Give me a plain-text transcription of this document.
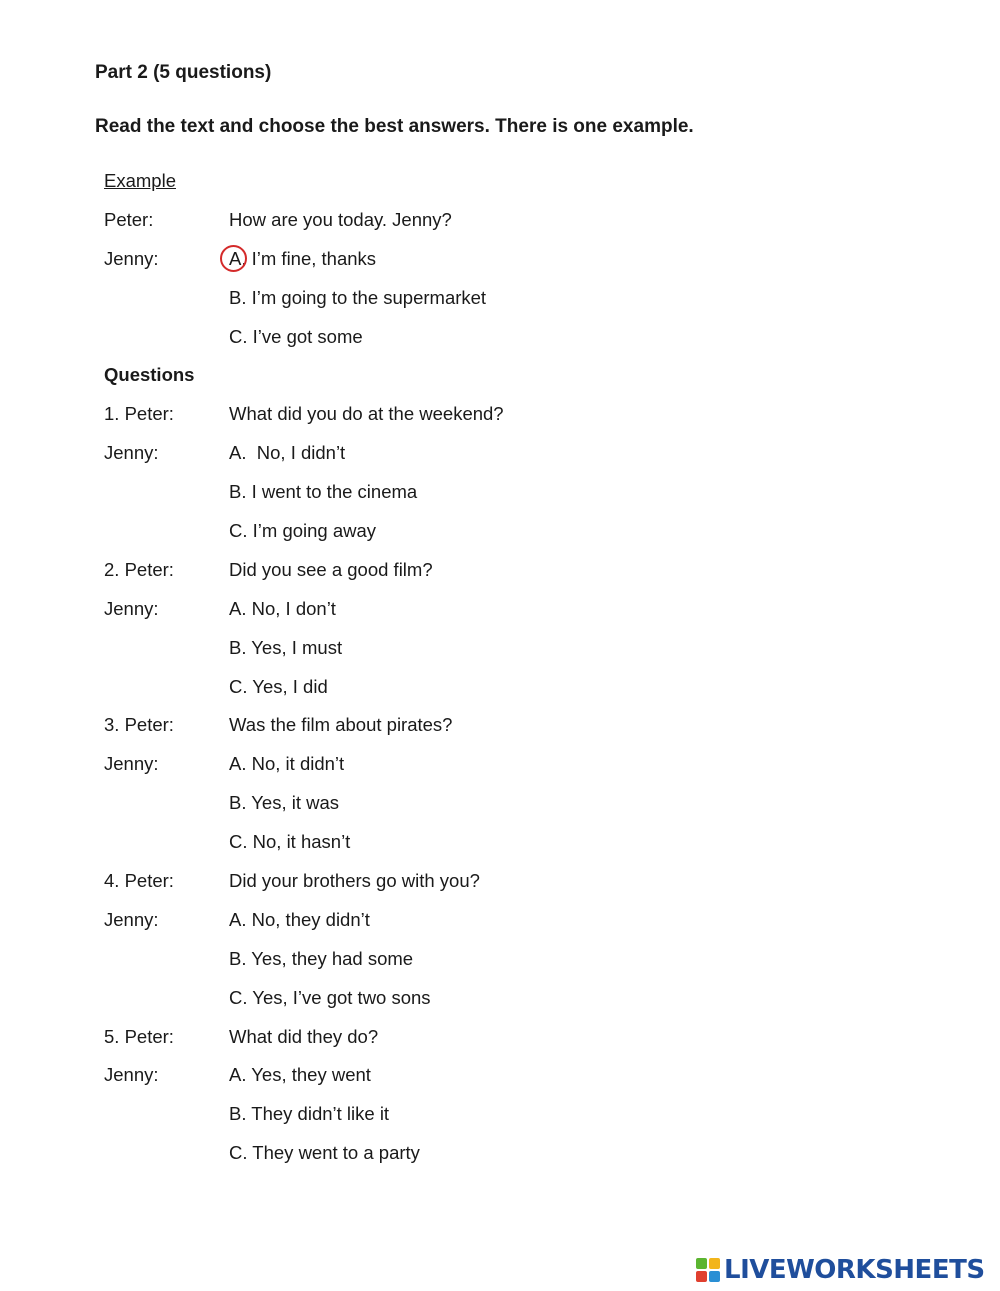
Part 2 (5 questions)

Read the text and choose the best answers. There is one example.

Example
Peter:	How are you today. Jenny?
Jenny:	A. I’m fine, thanks
B. I’m going to the supermarket
C. I’ve got some
Questions
1. Peter:	What did you do at the weekend?
Jenny:	A.  No, I didn’t
B. I went to the cinema
C. I’m going away
2. Peter:	Did you see a good film?
Jenny:	A. No, I don’t
B. Yes, I must
C. Yes, I did
3. Peter:	Was the film about pirates?
Jenny:	A. No, it didn’t
B. Yes, it was
C. No, it hasn’t
4. Peter:	Did your brothers go with you?
Jenny:	A. No, they didn’t
B. Yes, they had some
C. Yes, I’ve got two sons
5. Peter:	What did they do?
Jenny:	A. Yes, they went
B. They didn’t like it
C. They went to a party
LIVEWORKSHEETS
